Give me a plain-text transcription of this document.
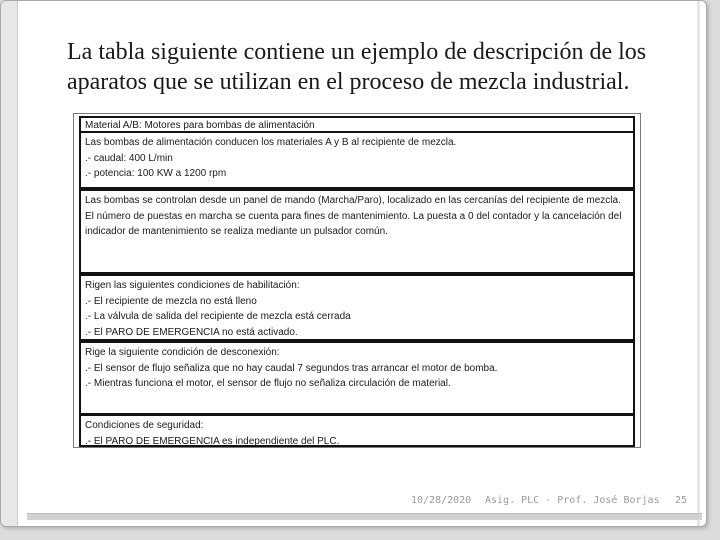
La tabla siguiente contiene un ejemplo de descripción de los aparatos que se utilizan en el proceso de mezcla industrial.
Material A/B: Motores para bombas de alimentación
Las bombas de alimentación conducen los materiales A y B al recipiente de mezcla.
.- caudal: 400 L/min
.- potencia: 100 KW a 1200 rpm
Las bombas se controlan desde un panel de mando (Marcha/Paro), localizado en las cercanías del recipiente de mezcla. El número de puestas en marcha se cuenta para fines de mantenimiento. La puesta a 0 del contador y la cancelación del indicador de mantenimiento se realiza mediante un pulsador común.
Rigen las siguientes condiciones de habilitación:
.- El recipiente de mezcla no está lleno
.- La válvula de salida del recipiente de mezcla está cerrada
.- El PARO DE EMERGENCIA no está activado.
Rige la siguiente condición de desconexión:
.- El sensor de flujo señaliza que no hay caudal 7 segundos tras arrancar el motor de bomba.
.- Mientras funciona el motor, el sensor de flujo no señaliza circulación de material.
Condiciones de seguridad:
.- El PARO DE EMERGENCIA es independiente del PLC.
10/28/2020 Asig. PLC - Prof. José Borjas 25
